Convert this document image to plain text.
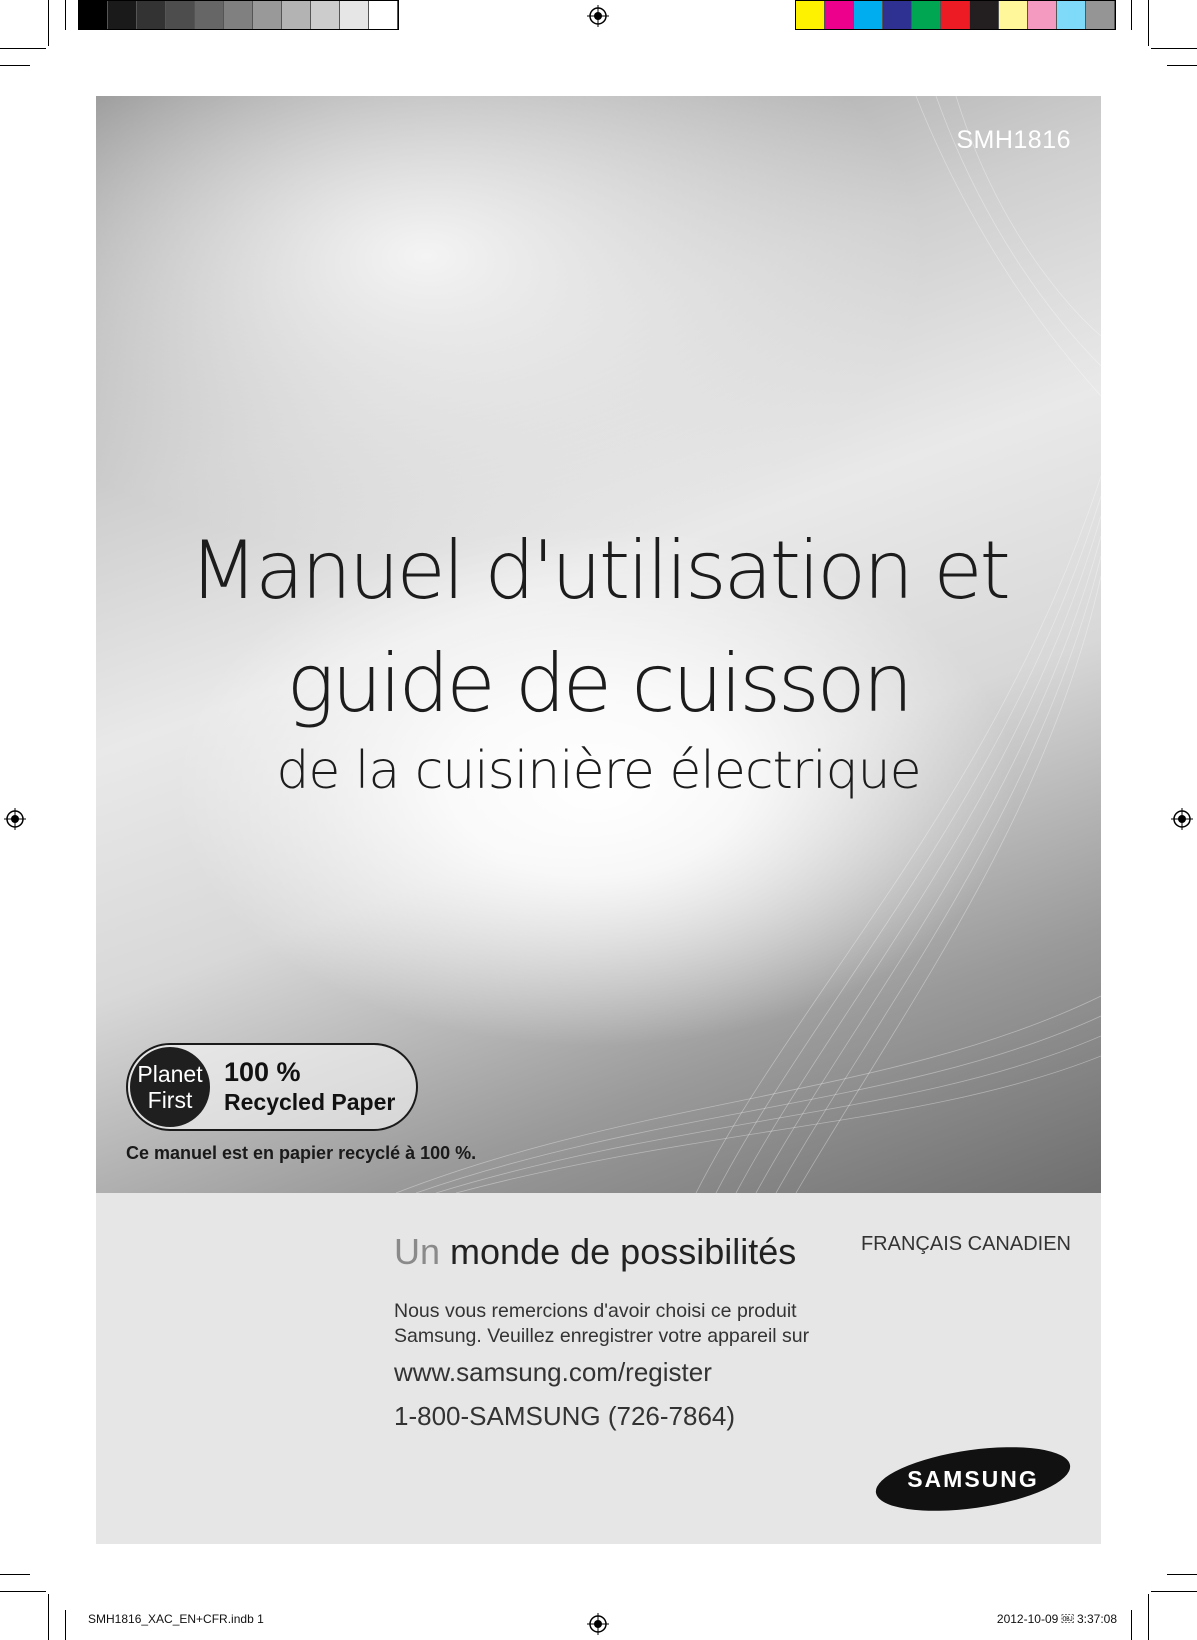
SMH1816
Manuel d'utilisation et
guide de cuisson
de la cuisinière électrique
Planet
First
100 %
Recycled Paper
Ce manuel est en papier recyclé à 100 %.
Un monde de possibilités	FRANÇAIS CANADIEN
Nous vous remercions d'avoir choisi ce produit Samsung. Veuillez enregistrer votre appareil sur
www.samsung.com/register
1-800-SAMSUNG (726-7864)
SAMSUNG
SMH1816_XAC_EN+CFR.indb 1	2012-10-09 ￼ 3:37:08
